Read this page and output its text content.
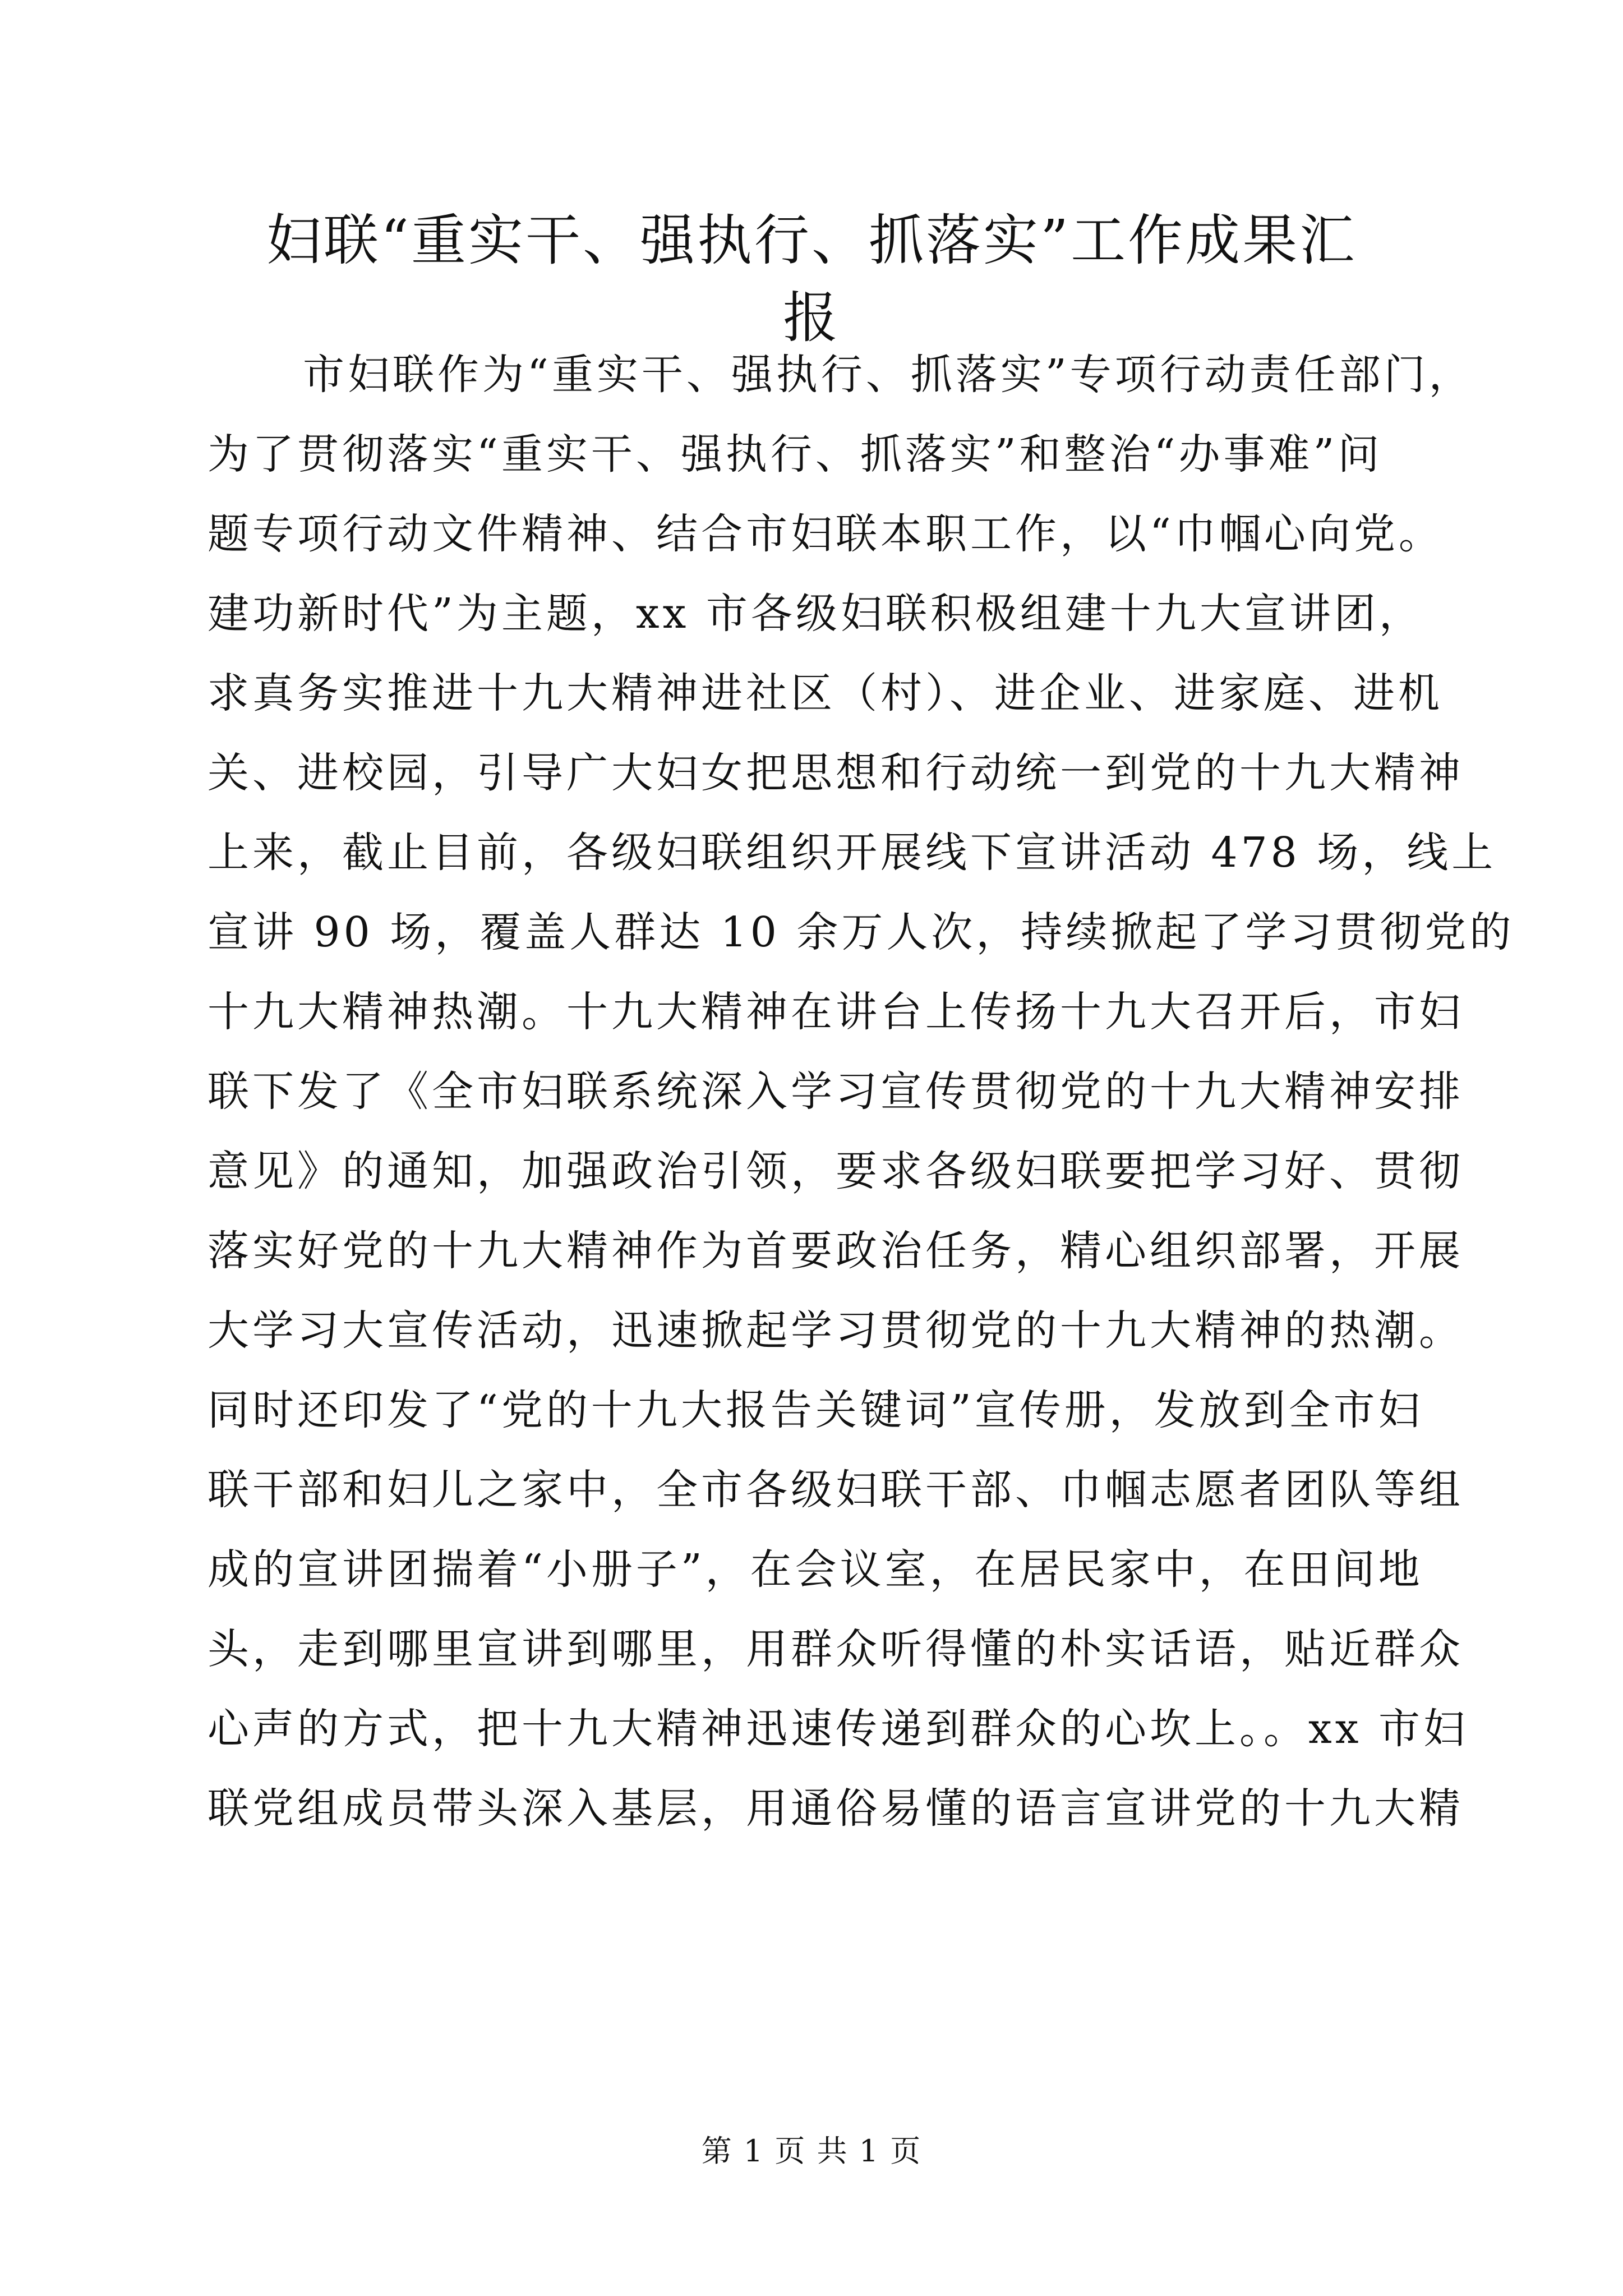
妇联“重实干、强执行、抓落实”工作成果汇
报
市妇联作为“重实干、强执行、抓落实”专项行动责任部门，
为了贯彻落实“重实干、强执行、抓落实”和整治“办事难”问
题专项行动文件精神、结合市妇联本职工作，以“巾帼心向党。
建功新时代”为主题，xx 市各级妇联积极组建十九大宣讲团，
求真务实推进十九大精神进社区（村）、进企业、进家庭、进机
关、进校园，引导广大妇女把思想和行动统一到党的十九大精神
上来，截止目前，各级妇联组织开展线下宣讲活动 478 场，线上
宣讲 90 场，覆盖人群达 10 余万人次，持续掀起了学习贯彻党的
十九大精神热潮。十九大精神在讲台上传扬十九大召开后，市妇
联下发了《全市妇联系统深入学习宣传贯彻党的十九大精神安排
意见》的通知，加强政治引领，要求各级妇联要把学习好、贯彻
落实好党的十九大精神作为首要政治任务，精心组织部署，开展
大学习大宣传活动，迅速掀起学习贯彻党的十九大精神的热潮。
同时还印发了“党的十九大报告关键词”宣传册，发放到全市妇
联干部和妇儿之家中，全市各级妇联干部、巾帼志愿者团队等组
成的宣讲团揣着“小册子”，在会议室，在居民家中，在田间地
头，走到哪里宣讲到哪里，用群众听得懂的朴实话语，贴近群众
心声的方式，把十九大精神迅速传递到群众的心坎上。。xx 市妇
联党组成员带头深入基层，用通俗易懂的语言宣讲党的十九大精
第 1 页 共 1 页
